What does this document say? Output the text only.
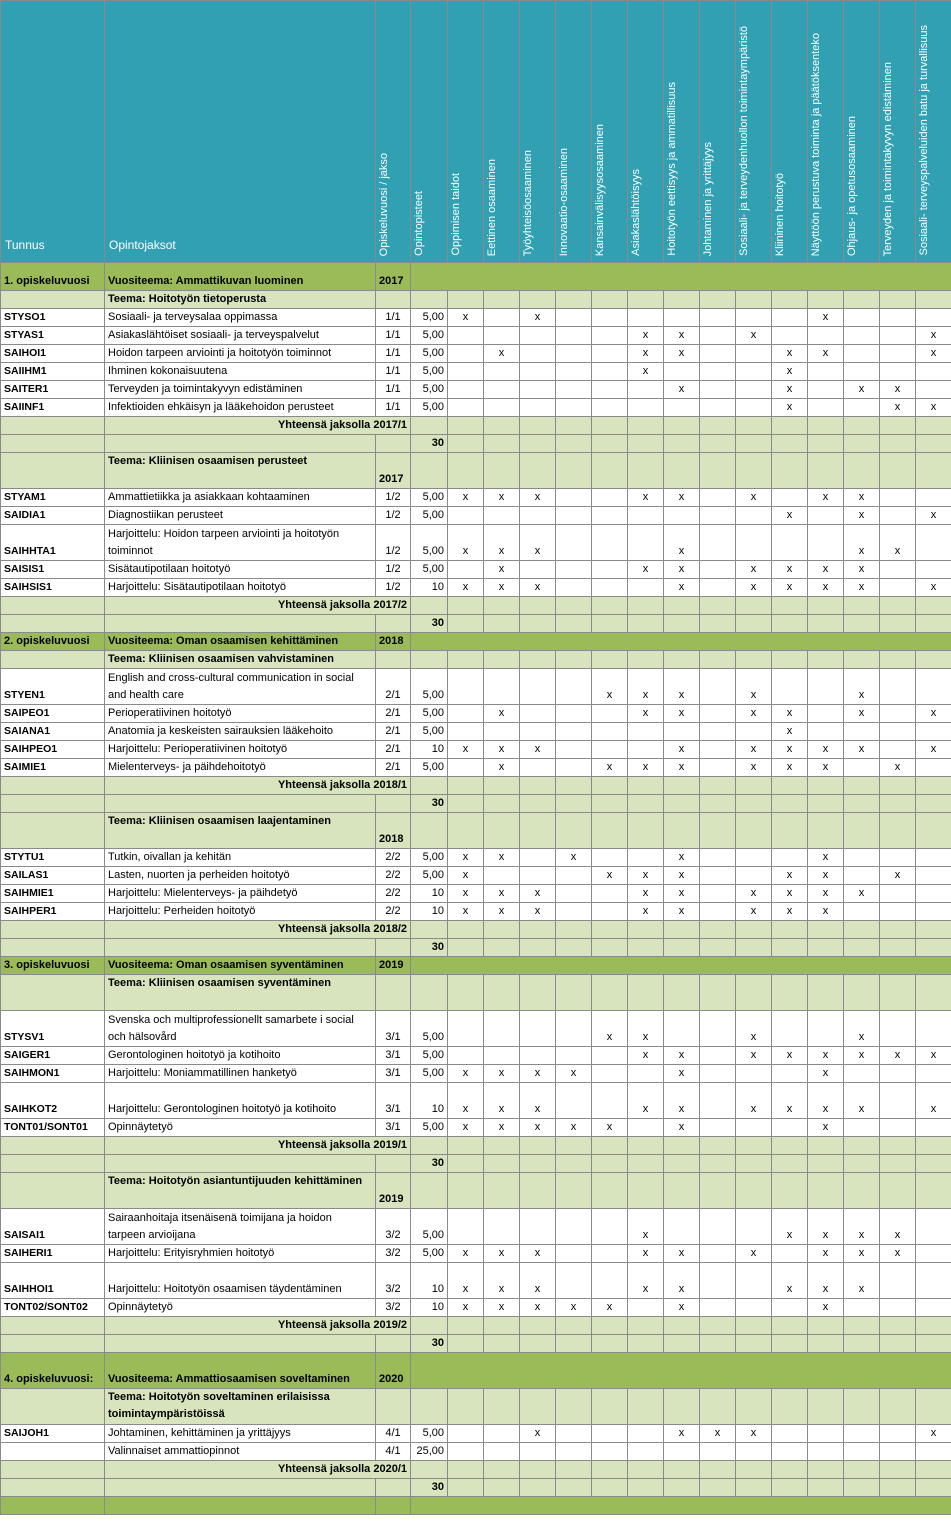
Tunnus	Opintojaksot	Opiskeluvuosi / jakso	Opintopisteet	Oppimisen taidot	Eettinen osaaminen	Työyhteisöosaaminen	Innovaatio-osaaminen	Kansainvälisyysosaaminen	Asiakaslähtöisyys	Hoitotyön eettisyys ja ammatillisuus	Johtaminen ja yrittäjyys	Sosiaali- ja terveydenhuollon toimintaympäristö	Kliininen hoitotyö	Näyttöön perustuva toiminta ja päätöksenteko	Ohjaus- ja opetusosaaminen	Terveyden ja toimintakyvyn edistäminen	Sosiaali- terveyspalveluiden batu ja turvallisuus

1. opiskeluvuosi	Vuositeema: Ammattikuvan luominen	2017															
	Teema: Hoitotyön tietoperusta																
STYSO1	Sosiaali- ja terveysalaa oppimassa	1/1	5,00	x		x								x			
STYAS1	Asiakaslähtöiset sosiaali- ja terveyspalvelut	1/1	5,00						x	x		x					x
SAIHOI1	Hoidon tarpeen arviointi ja hoitotyön toiminnot	1/1	5,00		x				x	x			x	x			x
SAIIHM1	Ihminen kokonaisuutena	1/1	5,00						x				x				
SAITER1	Terveyden ja toimintakyvyn edistäminen	1/1	5,00							x			x		x	x	
SAIINF1	Infektioiden ehkäisyn ja lääkehoidon perusteet	1/1	5,00										x			x	x
	Yhteensä jaksolla 2017/1																
			30														
	Teema: Kliinisen osaamisen perusteet	2017															
STYAM1	Ammattietiikka ja asiakkaan kohtaaminen	1/2	5,00	x	x	x			x	x		x		x	x		
SAIDIA1	Diagnostiikan perusteet	1/2	5,00										x		x		x
SAIHHTA1	Harjoittelu: Hoidon tarpeen arviointi ja hoitotyön toiminnot	1/2	5,00	x	x	x				x					x	x	
SAISIS1	Sisätautipotilaan hoitotyö	1/2	5,00		x				x	x		x	x	x	x		
SAIHSIS1	Harjoittelu: Sisätautipotilaan hoitotyö	1/2	10	x	x	x				x		x	x	x	x		x
	Yhteensä jaksolla 2017/2																
			30														
2. opiskeluvuosi	Vuositeema: Oman osaamisen kehittäminen	2018															
	Teema: Kliinisen osaamisen vahvistaminen																
STYEN1	English and cross-cultural communication in social and health care	2/1	5,00					x	x	x		x			x		
SAIPEO1	Perioperatiivinen hoitotyö	2/1	5,00		x				x	x		x	x		x		x
SAIANA1	Anatomia ja keskeisten sairauksien lääkehoito	2/1	5,00										x				
SAIHPEO1	Harjoittelu: Perioperatiivinen hoitotyö	2/1	10	x	x	x				x		x	x	x	x		x
SAIMIE1	Mielenterveys- ja päihdehoitotyö	2/1	5,00		x			x	x	x		x	x	x		x	
	Yhteensä jaksolla 2018/1																
			30														
	Teema: Kliinisen osaamisen laajentaminen	2018															
STYTU1	Tutkin, oivallan ja kehitän	2/2	5,00	x	x		x			x				x			
SAILAS1	Lasten, nuorten ja perheiden hoitotyö	2/2	5,00	x				x	x	x			x	x		x	
SAIHMIE1	Harjoittelu: Mielenterveys- ja päihdetyö	2/2	10	x	x	x			x	x		x	x	x	x		
SAIHPER1	Harjoittelu: Perheiden hoitotyö	2/2	10	x	x	x			x	x		x	x	x			
	Yhteensä jaksolla 2018/2																
			30														
3. opiskeluvuosi	Vuositeema: Oman osaamisen syventäminen	2019															
	Teema: Kliinisen osaamisen syventäminen																
STYSV1	Svenska och multiprofessionellt samarbete i social och hälsovård	3/1	5,00					x	x			x			x		
SAIGER1	Gerontologinen hoitotyö ja kotihoito	3/1	5,00						x	x		x	x	x	x	x	x
SAIHMON1	Harjoittelu: Moniammatillinen hanketyö	3/1	5,00	x	x	x	x			x				x			
SAIHKOT2	Harjoittelu: Gerontologinen hoitotyö ja kotihoito	3/1	10	x	x	x			x	x		x	x	x	x		x
TONT01/SONT01	Opinnäytetyö	3/1	5,00	x	x	x	x	x		x				x			
	Yhteensä jaksolla 2019/1																
			30														
	Teema: Hoitotyön asiantuntijuuden kehittäminen	2019															
SAISAI1	Sairaanhoitaja itsenäisenä toimijana ja hoidon tarpeen arvioijana	3/2	5,00						x				x	x	x	x	
SAIHERI1	Harjoittelu: Erityisryhmien hoitotyö	3/2	5,00	x	x	x			x	x		x		x	x	x	
SAIHHOI1	Harjoittelu: Hoitotyön osaamisen täydentäminen	3/2	10	x	x	x			x	x			x	x	x		
TONT02/SONT02	Opinnäytetyö	3/2	10	x	x	x	x	x		x				x			
	Yhteensä jaksolla 2019/2																
			30														
4. opiskeluvuosi:	Vuositeema: Ammattiosaamisen soveltaminen	2020															
	Teema: Hoitotyön soveltaminen erilaisissa toimintaympäristöissä																
SAIJOH1	Johtaminen, kehittäminen ja yrittäjyys	4/1	5,00			x				x	x	x					x
	Valinnaiset ammattiopinnot	4/1	25,00														
	Yhteensä jaksolla 2020/1																
			30														
